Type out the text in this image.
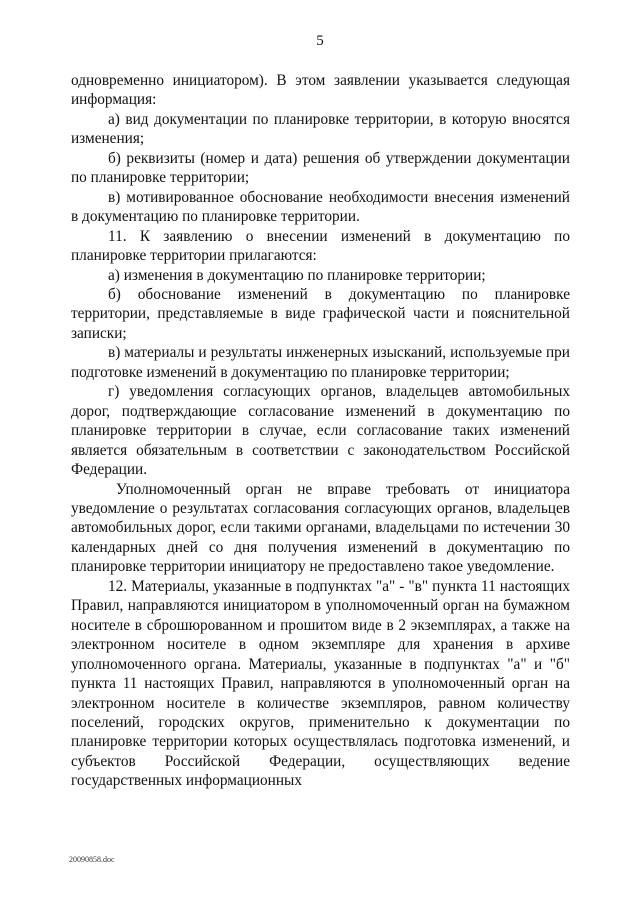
5

одновременно инициатором). В этом заявлении указывается следующая информация:

а) вид документации по планировке территории, в которую вносятся изменения;

б) реквизиты (номер и дата) решения об утверждении документации по планировке территории;

в) мотивированное обоснование необходимости внесения изменений в документацию по планировке территории.

11. К заявлению о внесении изменений в документацию по планировке территории прилагаются:

а) изменения в документацию по планировке территории;

б) обоснование изменений в документацию по планировке территории, представляемые в виде графической части и пояснительной записки;

в) материалы и результаты инженерных изысканий, используемые при подготовке изменений в документацию по планировке территории;

г) уведомления согласующих органов, владельцев автомобильных дорог, подтверждающие согласование изменений в документацию по планировке территории в случае, если согласование таких изменений является обязательным в соответствии с законодательством Российской Федерации.

Уполномоченный орган не вправе требовать от инициатора уведомление о результатах согласования согласующих органов, владельцев автомобильных дорог, если такими органами, владельцами по истечении 30 календарных дней со дня получения изменений в документацию по планировке территории инициатору не предоставлено такое уведомление.

12. Материалы, указанные в подпунктах "а" - "в" пункта 11 настоящих Правил, направляются инициатором в уполномоченный орган на бумажном носителе в сброшюрованном и прошитом виде в 2 экземплярах, а также на электронном носителе в одном экземпляре для хранения в архиве уполномоченного органа. Материалы, указанные в подпунктах "а" и "б" пункта 11 настоящих Правил, направляются в уполномоченный орган на электронном носителе в количестве экземпляров, равном количеству поселений, городских округов, применительно к документации по планировке территории которых осуществлялась подготовка изменений, и субъектов Российской Федерации, осуществляющих ведение государственных информационных

20090858.doc
